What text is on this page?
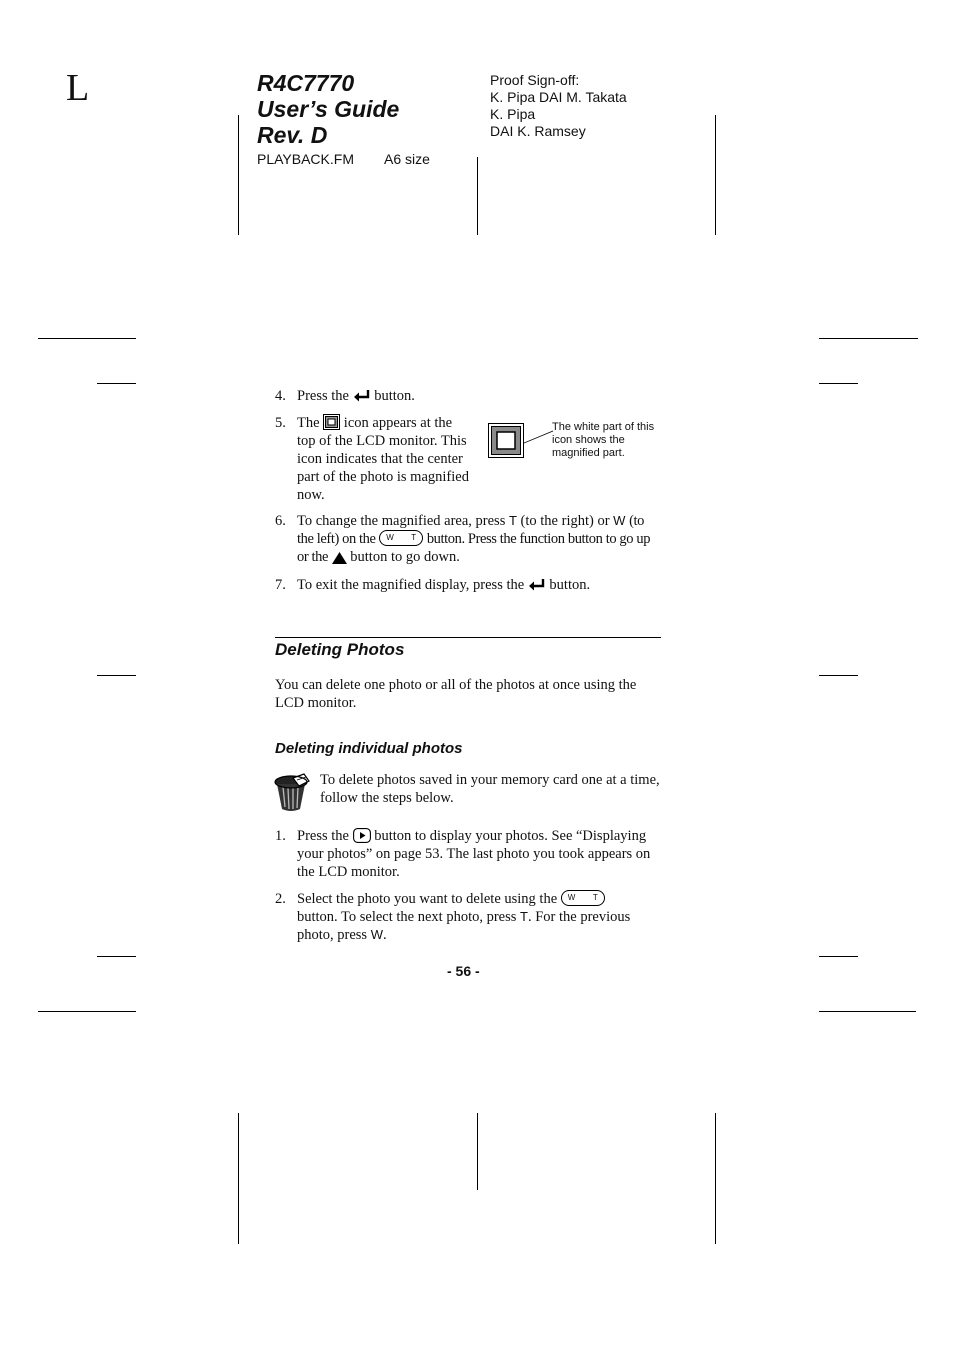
L	R4C7770
User’s Guide
Rev. D
PLAYBACK.FM A6 size
Proof Sign-off:
K. Pipa DAI M. Takata
K. Pipa
DAI K. Ramsey
4. Press the button.
5. The icon appears at the top of the LCD monitor. This icon indicates that the center part of the photo is magnified now.
The white part of this icon shows the magnified part.
6. To change the magnified area, press T (to the right) or W (to the left) on the W T button. Press the function button to go up or the button to go down.
7. To exit the magnified display, press the button.
Deleting Photos
You can delete one photo or all of the photos at once using the LCD monitor.
Deleting individual photos
To delete photos saved in your memory card one at a time, follow the steps below.
1. Press the button to display your photos. See “Displaying your photos” on page 53. The last photo you took appears on the LCD monitor.
2. Select the photo you want to delete using the W T

button. To select the next photo, press T. For the previous photo, press W.
- 56 -
